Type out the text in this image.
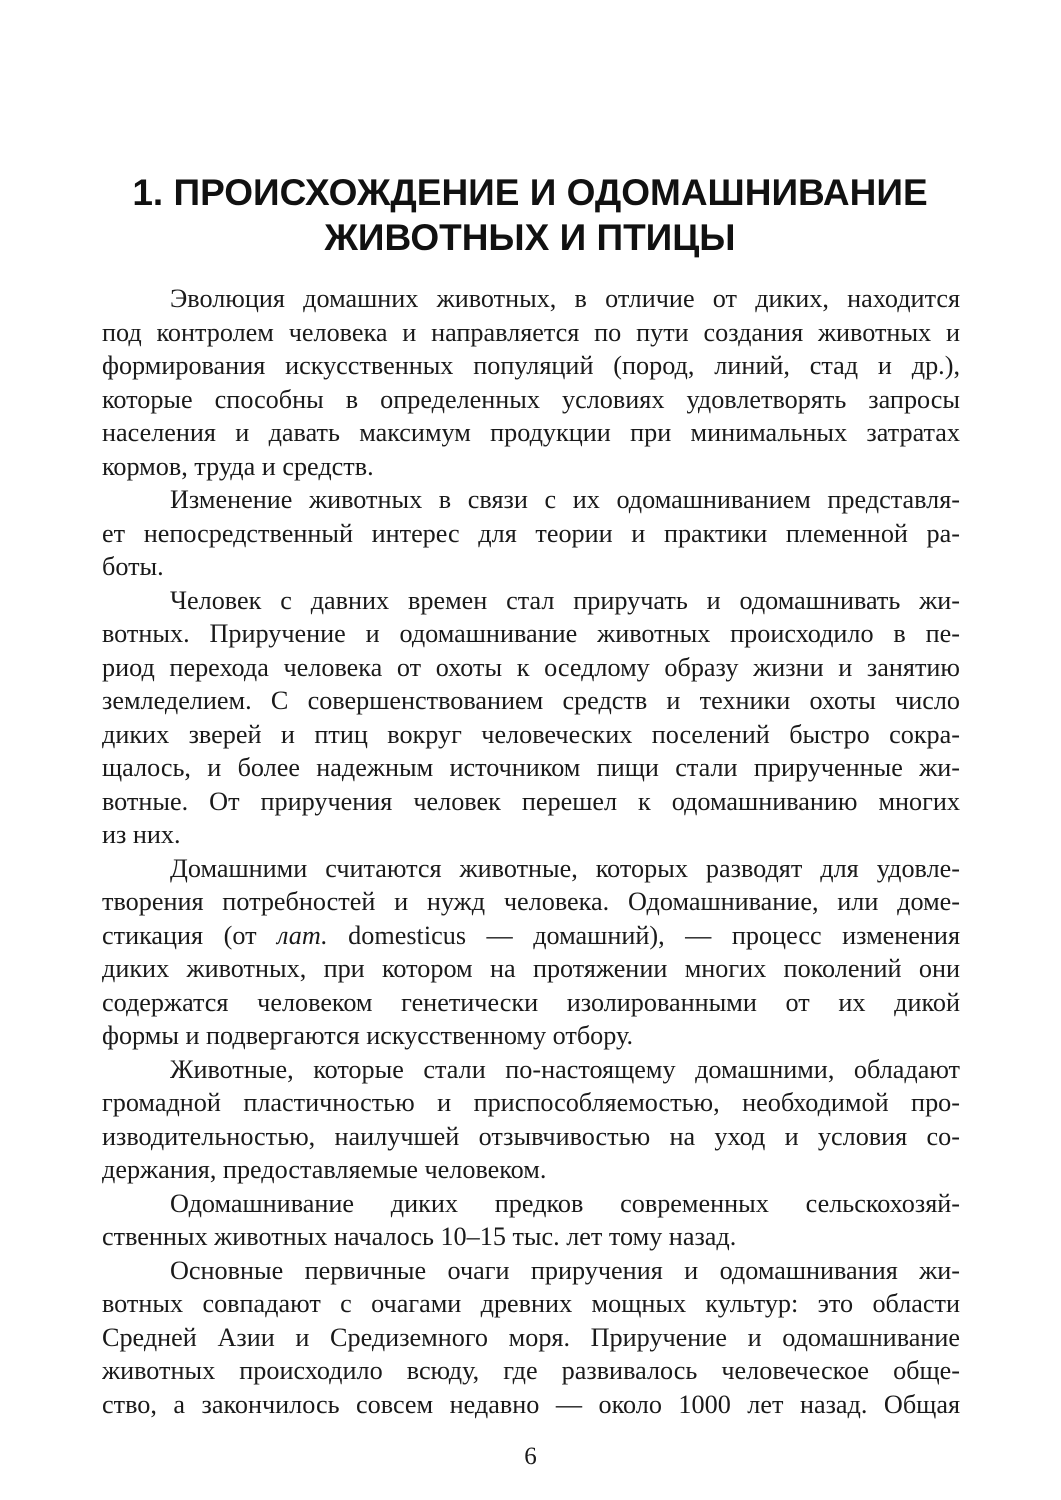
1. ПРОИСХОЖДЕНИЕ И ОДОМАШНИВАНИЕ
ЖИВОТНЫХ И ПТИЦЫ
Эволюция домашних животных, в отличие от диких, находится
под контролем человека и направляется по пути создания животных и
формирования искусственных популяций (пород, линий, стад и др.),
которые способны в определенных условиях удовлетворять запросы
населения и давать максимум продукции при минимальных затратах
кормов, труда и средств.
Изменение животных в связи с их одомашниванием представля-
ет непосредственный интерес для теории и практики племенной ра-
боты.
Человек с давних времен стал приручать и одомашнивать жи-
вотных. Приручение и одомашнивание животных происходило в пе-
риод перехода человека от охоты к оседлому образу жизни и занятию
земледелием. С совершенствованием средств и техники охоты число
диких зверей и птиц вокруг человеческих поселений быстро сокра-
щалось, и более надежным источником пищи стали прирученные жи-
вотные. От приручения человек перешел к одомашниванию многих
из них.
Домашними считаются животные, которых разводят для удовле-
творения потребностей и нужд человека. Одомашнивание, или доме-
стикация (от лат. domesticus — домашний), — процесс изменения
диких животных, при котором на протяжении многих поколений они
содержатся человеком генетически изолированными от их дикой
формы и подвергаются искусственному отбору.
Животные, которые стали по-настоящему домашними, обладают
громадной пластичностью и приспособляемостью, необходимой про-
изводительностью, наилучшей отзывчивостью на уход и условия со-
держания, предоставляемые человеком.
Одомашнивание диких предков современных сельскохозяй-
ственных животных началось 10–15 тыс. лет тому назад.
Основные первичные очаги приручения и одомашнивания жи-
вотных совпадают с очагами древних мощных культур: это области
Средней Азии и Средиземного моря. Приручение и одомашнивание
животных происходило всюду, где развивалось человеческое обще-
ство, а закончилось совсем недавно — около 1000 лет назад. Общая
6
